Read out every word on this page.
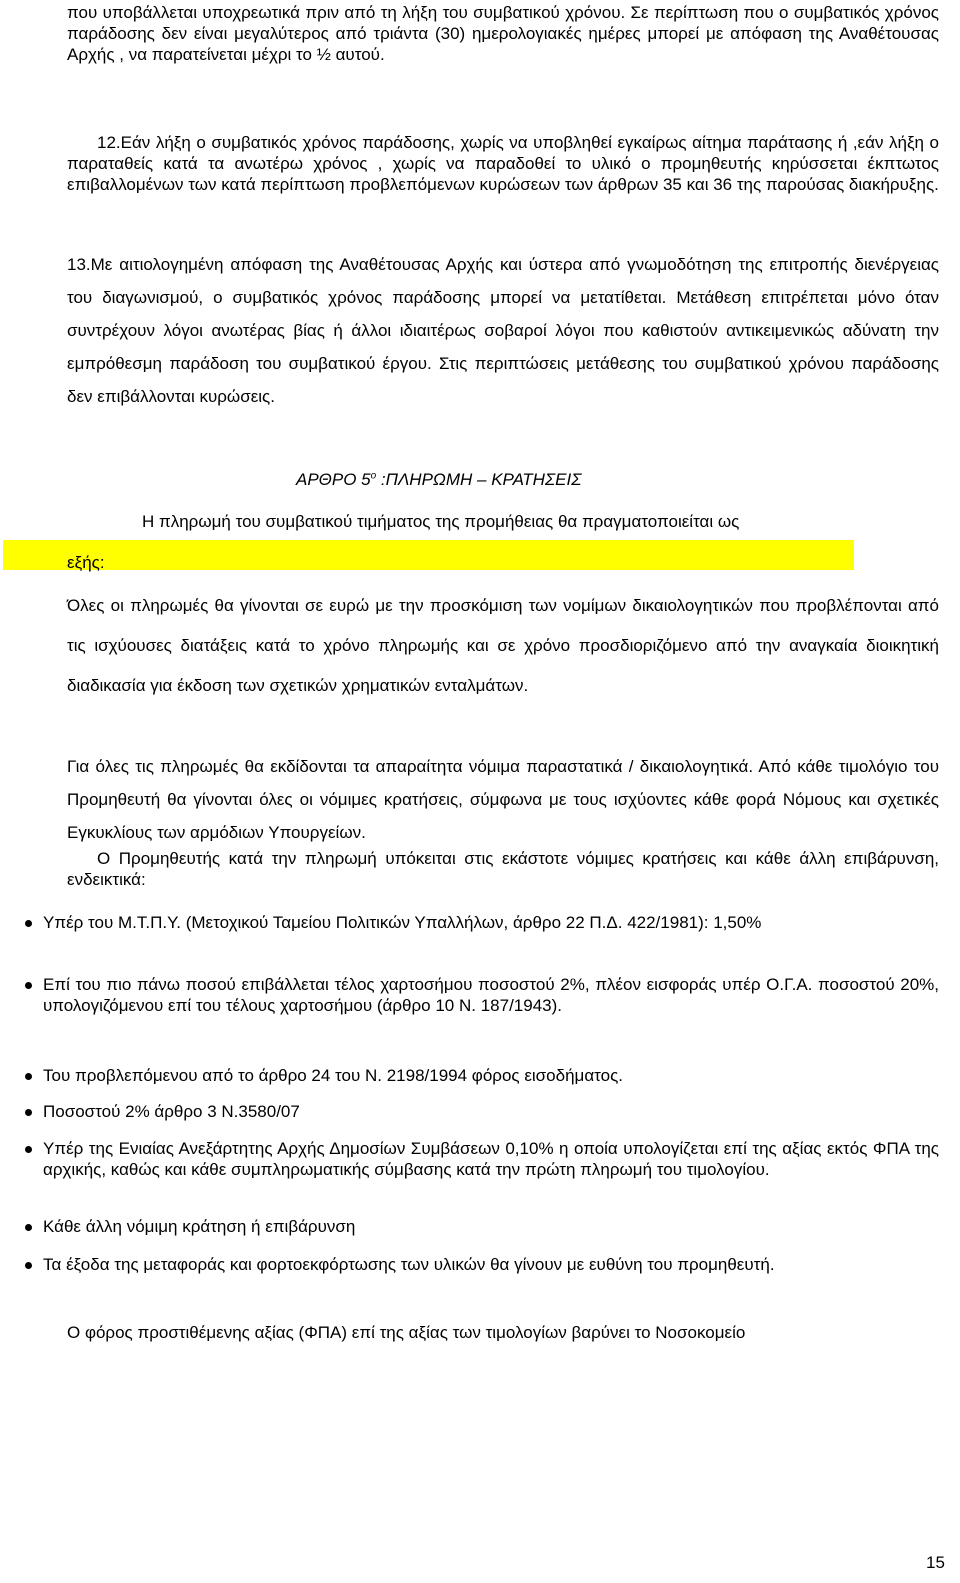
που υποβάλλεται υποχρεωτικά πριν από τη λήξη του συμβατικού χρόνου. Σε περίπτωση που ο συμβατικός χρόνος παράδοσης δεν είναι μεγαλύτερος από τριάντα (30) ημερολογιακές ημέρες μπορεί με απόφαση της Αναθέτουσας Αρχής , να παρατείνεται μέχρι το ½ αυτού.

12.Εάν λήξη ο συμβατικός χρόνος παράδοσης, χωρίς να υποβληθεί εγκαίρως αίτημα παράτασης ή ,εάν λήξη ο παραταθείς κατά τα ανωτέρω χρόνος , χωρίς να παραδοθεί το υλικό ο προμηθευτής κηρύσσεται έκπτωτος επιβαλλομένων των κατά περίπτωση προβλεπόμενων κυρώσεων των άρθρων 35 και 36 της παρούσας διακήρυξης.

13.Με αιτιολογημένη απόφαση της Αναθέτουσας Αρχής και ύστερα από γνωμοδότηση της επιτροπής διενέργειας του διαγωνισμού, ο συμβατικός χρόνος παράδοσης μπορεί να μετατίθεται. Μετάθεση επιτρέπεται μόνο όταν συντρέχουν λόγοι ανωτέρας βίας ή άλλοι ιδιαιτέρως σοβαροί λόγοι που καθιστούν αντικειμενικώς αδύνατη την εμπρόθεσμη παράδοση του συμβατικού έργου. Στις περιπτώσεις μετάθεσης του συμβατικού χρόνου παράδοσης δεν επιβάλλονται κυρώσεις.

ΑΡΘΡΟ $5^o$ :ΠΛΗΡΩΜΗ – ΚΡΑΤΗΣΕΙΣ

Η πληρωμή του συμβατικού τιμήματος της προμήθειας θα πραγματοποιείται ως

εξής:

Όλες οι πληρωμές θα γίνονται σε ευρώ με την προσκόμιση των νομίμων δικαιολογητικών που προβλέπονται από τις ισχύουσες διατάξεις κατά το χρόνο πληρωμής και σε χρόνο προσδιοριζόμενο από την αναγκαία διοικητική διαδικασία για έκδοση των σχετικών χρηματικών ενταλμάτων.

Για όλες τις πληρωμές θα εκδίδονται τα απαραίτητα νόμιμα παραστατικά / δικαιολογητικά. Από κάθε τιμολόγιο του Προμηθευτή θα γίνονται όλες οι νόμιμες κρατήσεις, σύμφωνα με τους ισχύοντες κάθε φορά Νόμους και σχετικές Εγκυκλίους των αρμόδιων Υπουργείων.

Ο Προμηθευτής κατά την πληρωμή υπόκειται στις εκάστοτε νόμιμες κρατήσεις και κάθε άλλη επιβάρυνση, ενδεικτικά:

Υπέρ του Μ.Τ.Π.Υ. (Μετοχικού Ταμείου Πολιτικών Υπαλλήλων, άρθρο 22 Π.Δ. 422/1981): 1,50%
Επί του πιο πάνω ποσού επιβάλλεται τέλος χαρτοσήμου ποσοστού 2%, πλέον εισφοράς υπέρ Ο.Γ.Α. ποσοστού 20%, υπολογιζόμενου επί του τέλους χαρτοσήμου (άρθρο 10 Ν. 187/1943).
Του προβλεπόμενου από το άρθρο 24 του Ν. 2198/1994 φόρος εισοδήματος.
Ποσοστού 2% άρθρο 3 Ν.3580/07
Υπέρ της Ενιαίας Ανεξάρτητης Αρχής Δημοσίων Συμβάσεων 0,10% η οποία υπολογίζεται επί της αξίας εκτός ΦΠΑ της αρχικής, καθώς και κάθε συμπληρωματικής σύμβασης κατά την πρώτη πληρωμή του τιμολογίου.
Κάθε άλλη νόμιμη κράτηση ή επιβάρυνση
Τα έξοδα της μεταφοράς και φορτοεκφόρτωσης των υλικών θα γίνουν με ευθύνη του προμηθευτή.

Ο φόρος προστιθέμενης αξίας (ΦΠΑ) επί της αξίας των τιμολογίων βαρύνει το Νοσοκομείο

15
